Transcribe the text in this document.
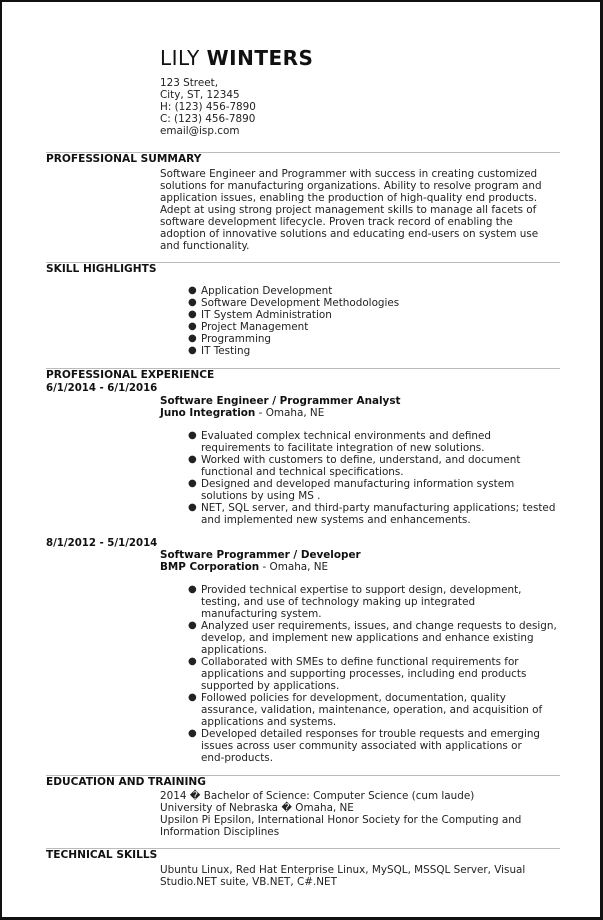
LILY WINTERS
123 Street,
City, ST, 12345
H: (123) 456-7890
C: (123) 456-7890
email@isp.com
PROFESSIONAL SUMMARY
Software Engineer and Programmer with success in creating customized
solutions for manufacturing organizations. Ability to resolve program and
application issues, enabling the production of high-quality end products.
Adept at using strong project management skills to manage all facets of
software development lifecycle. Proven track record of enabling the
adoption of innovative solutions and educating end-users on system use
and functionality.
SKILL HIGHLIGHTS
● Application Development
● Software Development Methodologies
● IT System Administration
● Project Management
● Programming
● IT Testing
PROFESSIONAL EXPERIENCE
6/1/2014 - 6/1/2016
Software Engineer / Programmer Analyst
Juno Integration - Omaha, NE
● Evaluated complex technical environments and defined
requirements to facilitate integration of new solutions.
● Worked with customers to define, understand, and document
functional and technical specifications.
● Designed and developed manufacturing information system
solutions by using MS .
● NET, SQL server, and third-party manufacturing applications; tested
and implemented new systems and enhancements.
8/1/2012 - 5/1/2014
Software Programmer / Developer
BMP Corporation - Omaha, NE
● Provided technical expertise to support design, development,
testing, and use of technology making up integrated
manufacturing system.
● Analyzed user requirements, issues, and change requests to design,
develop, and implement new applications and enhance existing
applications.
● Collaborated with SMEs to define functional requirements for
applications and supporting processes, including end products
supported by applications.
● Followed policies for development, documentation, quality
assurance, validation, maintenance, operation, and acquisition of
applications and systems.
● Developed detailed responses for trouble requests and emerging
issues across user community associated with applications or
end-products.
EDUCATION AND TRAINING
2014 � Bachelor of Science: Computer Science (cum laude)
University of Nebraska � Omaha, NE
Upsilon Pi Epsilon, International Honor Society for the Computing and
Information Disciplines
TECHNICAL SKILLS
Ubuntu Linux, Red Hat Enterprise Linux, MySQL, MSSQL Server, Visual
Studio.NET suite, VB.NET, C#.NET
